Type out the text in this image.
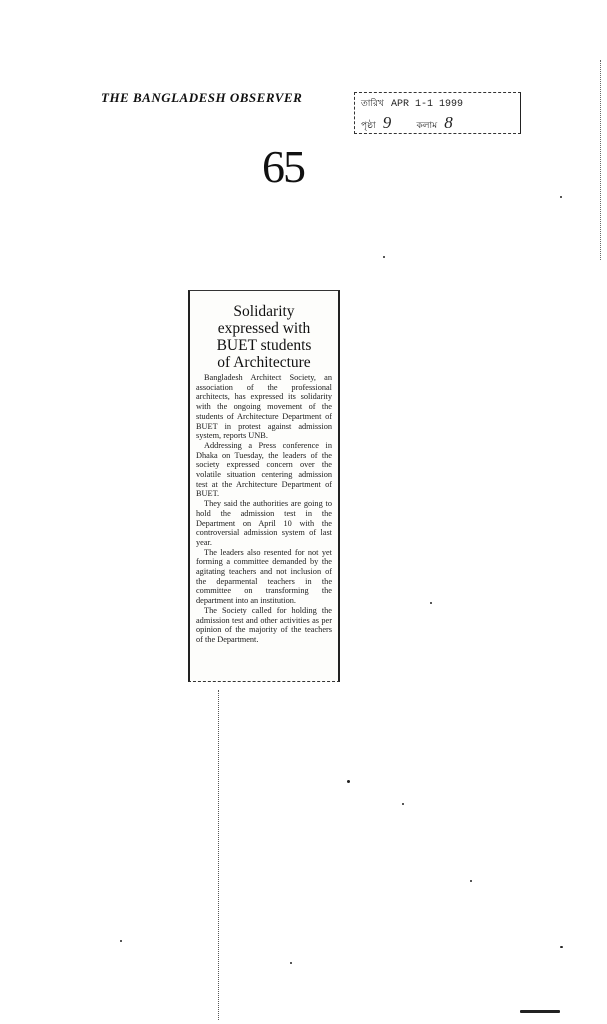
THE BANGLADESH OBSERVER	তারিখ APR 1-1 1999
পৃষ্ঠা 9	কলাম 8
65
Solidarity
expressed with
BUET students
of Architecture

Bangladesh Architect Society, an association of the professional architects, has expressed its solidarity with the ongoing movement of the students of Architecture Department of BUET in protest against admission system, reports UNB.

Addressing a Press conference in Dhaka on Tuesday, the leaders of the society expressed concern over the volatile situation centering admission test at the Architecture Department of BUET.

They said the authorities are going to hold the admission test in the Department on April 10 with the controversial admission system of last year.

The leaders also resented for not yet forming a committee demanded by the agitating teachers and not inclusion of the deparmental teachers in the committee on transforming the department into an institution.

The Society called for holding the admission test and other activities as per opinion of the majority of the teachers of the Department.
